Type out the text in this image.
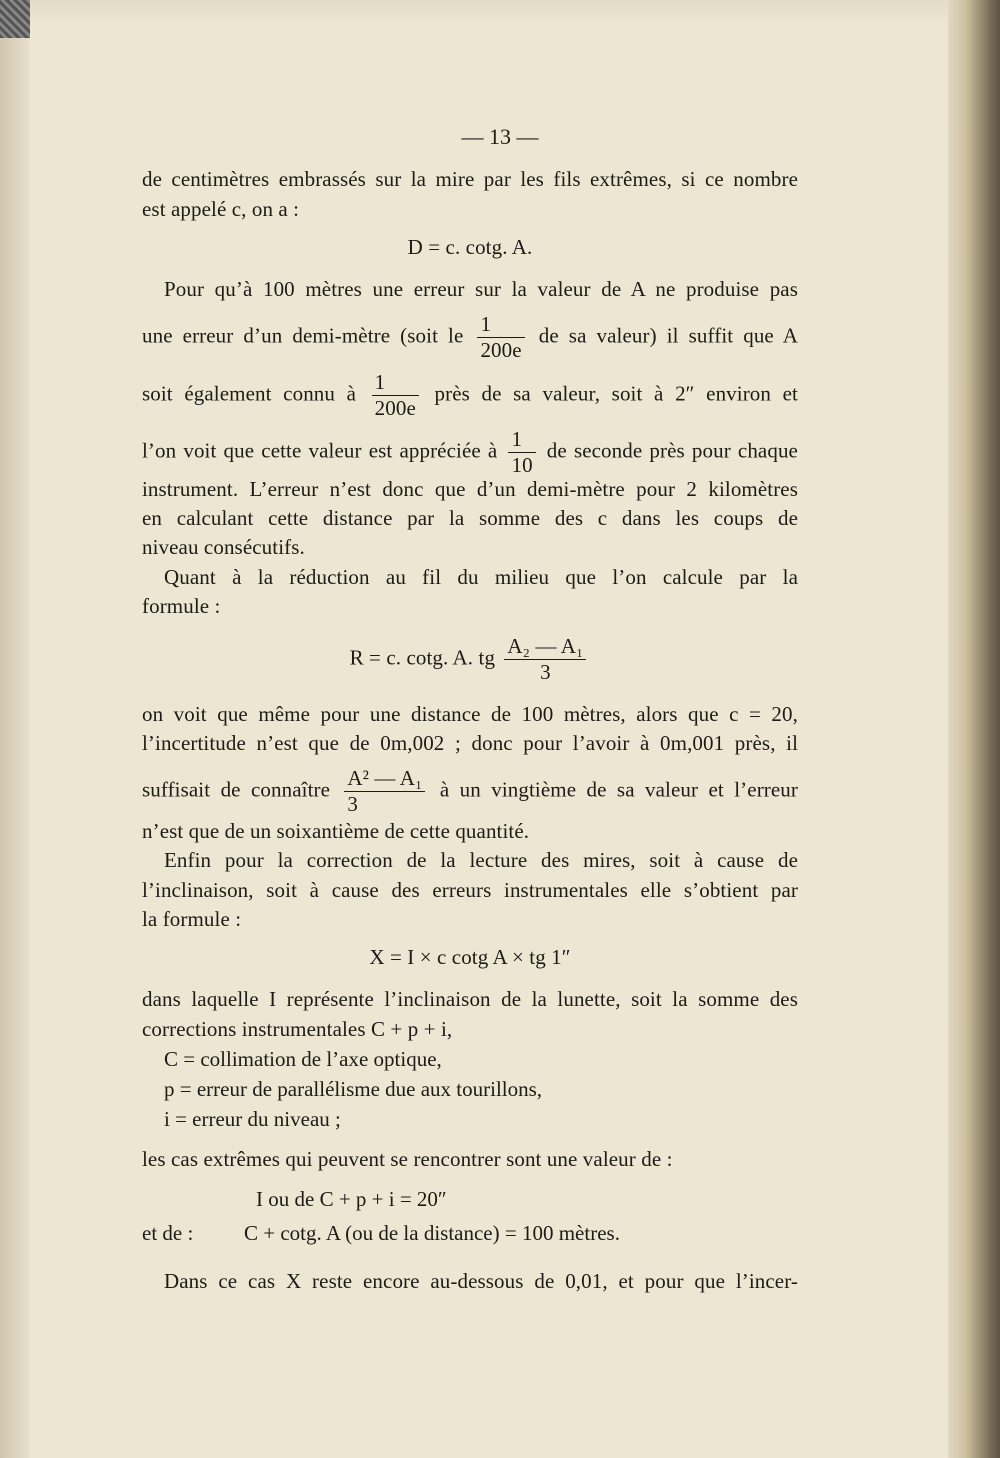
— 13 —
de centimètres embrassés sur la mire par les fils extrêmes, si ce nombre
est appelé c, on a :
D = c. cotg. A.
Pour qu’à 100 mètres une erreur sur la valeur de A ne produise pas
une erreur d’un demi-mètre (soit le $\frac{1}{200e}$ de sa valeur) il suffit que A
soit également connu à $\frac{1}{200e}$ près de sa valeur, soit à 2″ environ et
l’on voit que cette valeur est appréciée à $\frac{1}{10}$ de seconde près pour chaque
instrument. L’erreur n’est donc que d’un demi-mètre pour 2 kilomètres
en calculant cette distance par la somme des c dans les coups de
niveau consécutifs.
Quant à la réduction au fil du milieu que l’on calcule par la
formule :
R = c. cotg. A. tg $\frac{\text{A₂ — A₁}}{3}$
on voit que même pour une distance de 100 mètres, alors que c = 20,
l’incertitude n’est que de 0m,002 ; donc pour l’avoir à 0m,001 près, il
suffisait de connaître $\frac{\text{A² — A₁}}{3}$ à un vingtième de sa valeur et l’erreur
n’est que de un soixantième de cette quantité.
Enfin pour la correction de la lecture des mires, soit à cause de
l’inclinaison, soit à cause des erreurs instrumentales elle s’obtient par
la formule :
X = I × c cotg A × tg 1″
dans laquelle I représente l’inclinaison de la lunette, soit la somme des
corrections instrumentales C + p + i,
C = collimation de l’axe optique,
p = erreur de parallélisme due aux tourillons,
i = erreur du niveau ;
les cas extrêmes qui peuvent se rencontrer sont une valeur de :
I ou de C + p + i = 20″
et de : C + cotg. A (ou de la distance) = 100 mètres.
Dans ce cas X reste encore au-dessous de 0,01, et pour que l’incer-
